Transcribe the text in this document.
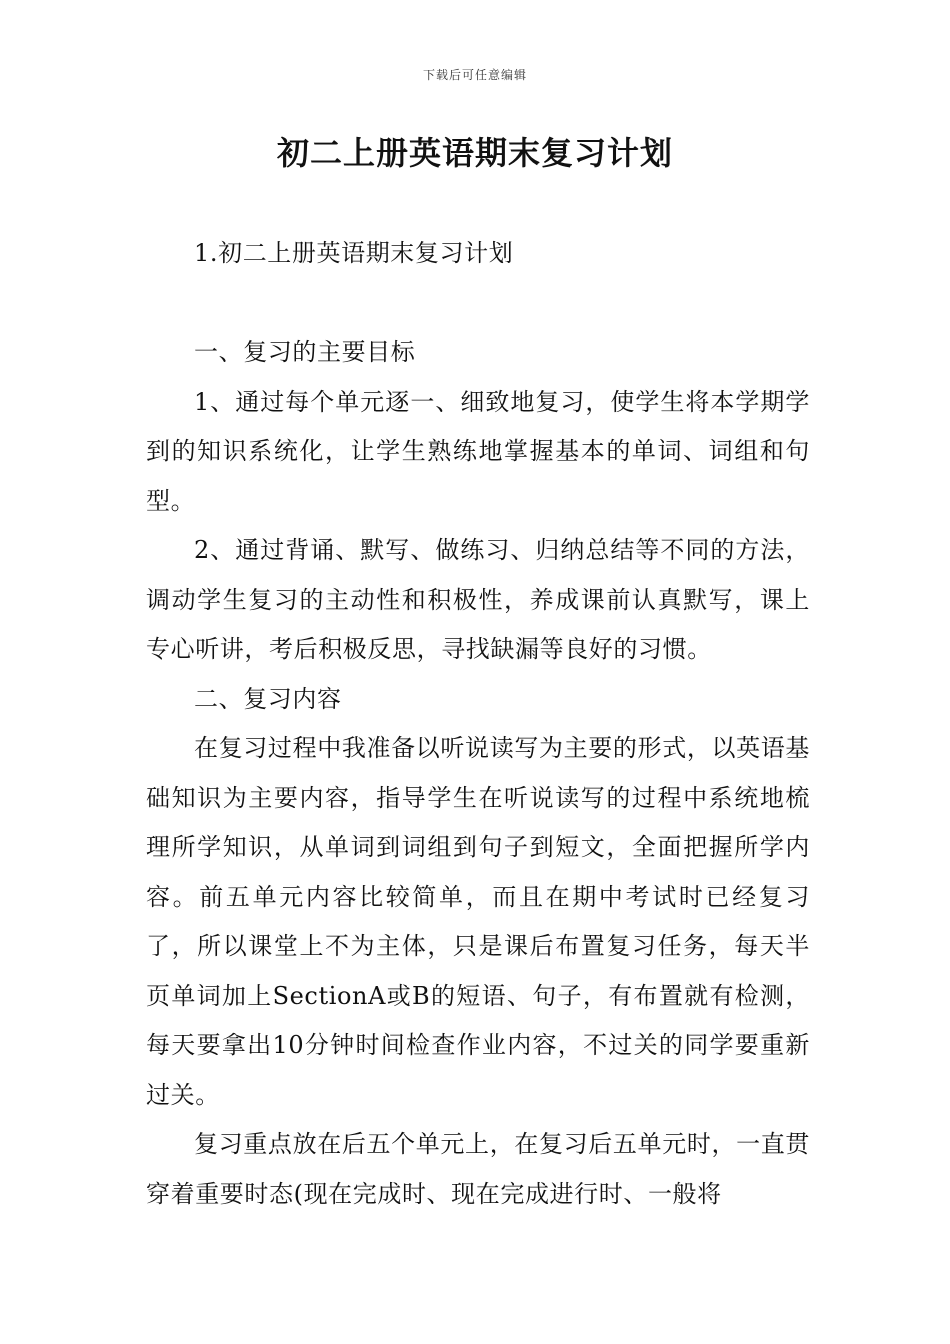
下载后可任意编辑
初二上册英语期末复习计划

1.初二上册英语期末复习计划

一、复习的主要目标

1、通过每个单元逐一、细致地复习，使学生将本学期学到的知识系统化，让学生熟练地掌握基本的单词、词组和句型。

2、通过背诵、默写、做练习、归纳总结等不同的方法，调动学生复习的主动性和积极性，养成课前认真默写，课上专心听讲，考后积极反思，寻找缺漏等良好的习惯。

二、复习内容

在复习过程中我准备以听说读写为主要的形式，以英语基础知识为主要内容，指导学生在听说读写的过程中系统地梳理所学知识，从单词到词组到句子到短文，全面把握所学内容。前五单元内容比较简单，而且在期中考试时已经复习了，所以课堂上不为主体，只是课后布置复习任务，每天半页单词加上SectionA或B的短语、句子，有布置就有检测，每天要拿出10分钟时间检查作业内容，不过关的同学要重新过关。

复习重点放在后五个单元上，在复习后五单元时，一直贯穿着重要时态(现在完成时、现在完成进行时、一般将
